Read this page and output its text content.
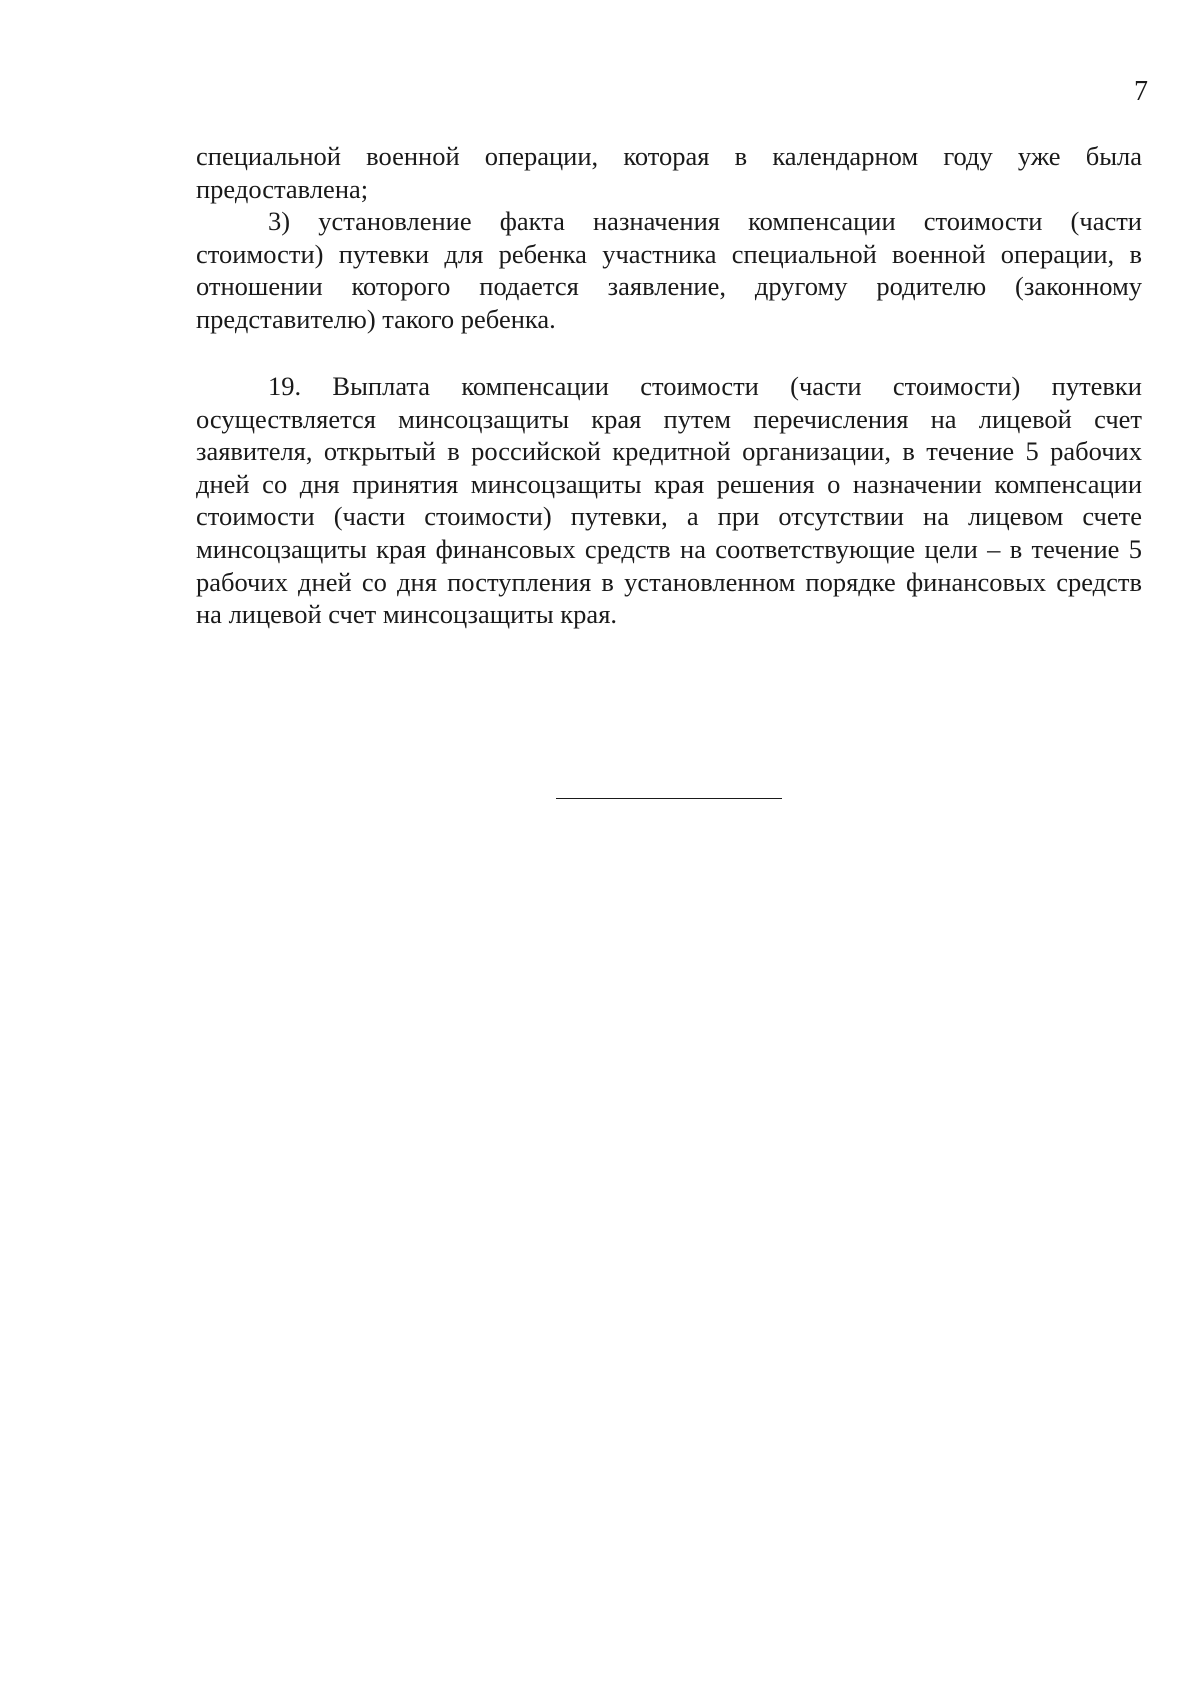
7

специальной военной операции, которая в календарном году уже была предоставлена;

3) установление факта назначения компенсации стоимости (части стоимости) путевки для ребенка участника специальной военной операции, в отношении которого подается заявление, другому родителю (законному представителю) такого ребенка.

19. Выплата компенсации стоимости (части стоимости) путевки осуществляется минсоцзащиты края путем перечисления на лицевой счет заявителя, открытый в российской кредитной организации, в течение 5 рабочих дней со дня принятия минсоцзащиты края решения о назначении компенсации стоимости (части стоимости) путевки, а при отсутствии на лицевом счете минсоцзащиты края финансовых средств на соответствующие цели – в течение 5 рабочих дней со дня поступления в установленном порядке финансовых средств на лицевой счет минсоцзащиты края.
